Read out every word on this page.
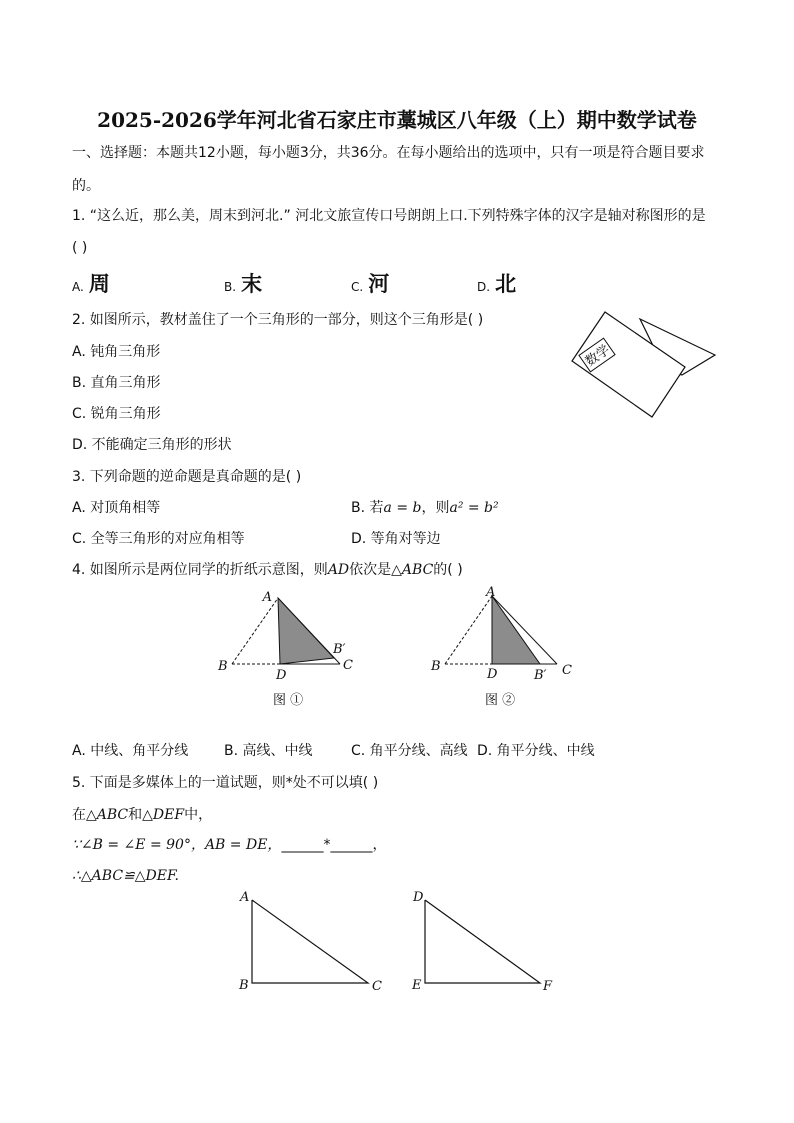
2025-2026学年河北省石家庄市藁城区八年级（上）期中数学试卷
一、选择题：本题共12小题，每小题3分，共36分。在每小题给出的选项中，只有一项是符合题目要求
的。
1. “这么近，那么美，周末到河北.” 河北文旅宣传口号朗朗上口.下列特殊字体的汉字是轴对称图形的是
( )
A. 周	B. 末	C. 河	D. 北
2. 如图所示，教材盖住了一个三角形的一部分，则这个三角形是( )
A. 钝角三角形
B. 直角三角形
C. 锐角三角形
D. 不能确定三角形的形状
数学
3. 下列命题的逆命题是真命题的是( )
A. 对顶角相等	B. 若a = b，则a² = b²
C. 全等三角形的对应角相等	D. 等角对等边
4. 如图所示是两位同学的折纸示意图，则AD依次是△ABC的( )
A
B	C
D
B′
图 ①
A
B	C
D	B′
图 ②
A. 中线、角平分线	B. 高线、中线	C. 角平分线、高线 D. 角平分线、中线
5. 下面是多媒体上的一道试题，则*处不可以填( )
在△ABC和△DEF中，
∵∠B = ∠E = 90°，AB = DE，______*______，
∴△ABC≌△DEF.
A
B	C
D
E	F
